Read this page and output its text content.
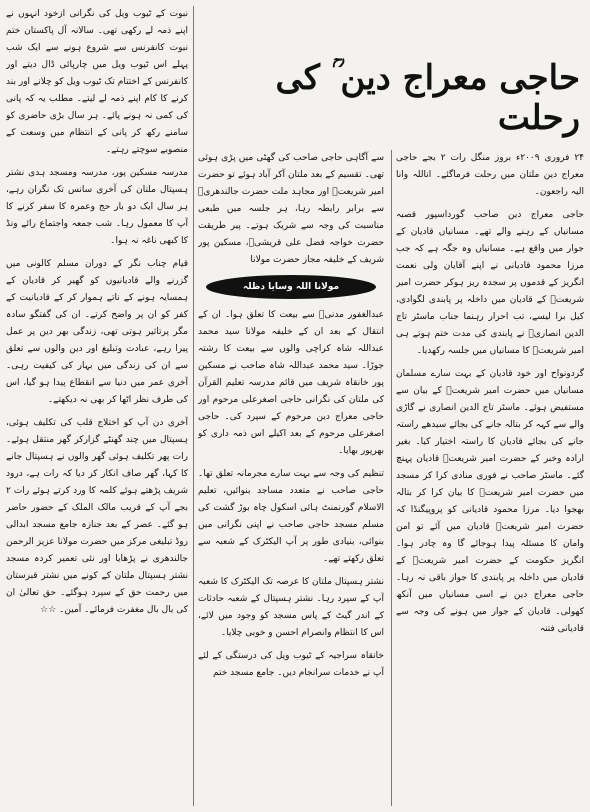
حاجی معراج دین ؒ کی رحلت

۲۴ فروری ۲۰۰۹ء بروز منگل رات ۲ بجے حاجی معراج دین ملتان میں رحلت فرماگئے۔ اناللہ وانا الیہ راجعون۔

حاجی معراج دین صاحب گورداسپور قصبہ مسانیاں کے رہنے والے تھے۔ مسانیاں قادیان کے جوار میں واقع ہے۔ مسانیاں وہ جگہ ہے کہ جب مرزا محمود قادیانی نے اپنے آقایان ولی نعمت انگریز کے قدموں پر سجدہ ریز ہوکر حضرت امیر شریعتؒ کے قادیان میں داخلہ پر پابندی لگوادی، کیل برا لیسے، تب احرار رہنما جناب ماسٹر تاج الدین انصاریؒ نے پابندی کی مدت ختم ہوتے ہی امیر شریعتؒ کا مسانیاں میں جلسہ رکھدیا۔

گردونواح اور خود قادیان کے بہت سارے مسلمان مسانیاں میں حضرت امیر شریعتؒ کے بیان سے مستفیض ہوئے۔ ماسٹر تاج الدین انصاری نے گاڑی والے سے کہہ کر بتالہ جانے کی بجائے سیدھے راستہ جانے کی بجائے قادیان کا راستہ اختیار کیا۔ بغیر ارادہ وخبر کے حضرت امیر شریعتؒ قادیان پہنچ گئے۔ ماسٹر صاحب نے فوری منادی کرا کر مسجد میں حضرت امیر شریعتؒ کا بیان کرا کر بتالہ بھجوا دیا۔ مرزا محمود قادیانی کو پروپیگنڈا کہ حضرت امیر شریعتؒ قادیان میں آئے تو امن وامان کا مسئلہ پیدا ہوجائے گا وہ چادر ہوا۔ انگریز حکومت کے حضرت امیر شریعتؒ کے قادیان میں داخلہ پر پابندی کا جواز باقی نہ رہا۔ حاجی معراج دین نے اسی مسانیاں میں آنکھ کھولی۔ قادیان کے جوار میں ہونے کی وجہ سے قادیانی فتنہ

سے آگاہی حاجی صاحب کی گھٹی میں پڑی ہوئی تھی۔ تقسیم کے بعد ملتان آکر آباد ہوئے تو حضرت امیر شریعتؒ اور مجاہد ملت حضرت جالندھریؒ سے برابر رابطہ رہا، ہر جلسہ میں طبعی مناسبت کی وجہ سے شریک ہوتے۔ پیر طریقت حضرت خواجہ فضل علی قریشیؒ، مسکین پور شریف کے خلیفہ مجاز حضرت مولانا

مولانا اللہ وسایا دظلہ

عبدالغفور مدنیؒ سے بیعت کا تعلق ہوا۔ ان کے انتقال کے بعد ان کے خلیفہ مولانا سید محمد عبداللہ شاہ کراچی والوں سے بیعت کا رشتہ جوڑا۔ سید محمد عبداللہ شاہ صاحب نے مسکین پور خانقاہ شریف میں قائم مدرسہ تعلیم القرآن کی ملتان کی نگرانی حاجی اصغرعلی مرحوم اور حاجی معراج دین مرحوم کے سپرد کی۔ حاجی اصغرعلی مرحوم کے بعد اکیلے اس ذمہ داری کو بھرپور بھایا۔

تنظیم کی وجہ سے بہت سارے مجرمانہ تعلق تھا۔ حاجی صاحب نے متعدد مساجد بنوائیں، تعلیم الاسلام گورنمنٹ ہائی اسکول چاہ بوڑ گشت کی مسلم مسجد حاجی صاحب نے اپنی نگرانی میں بنوائی، بنیادی طور پر آپ الیکٹرک کے شعبہ سے تعلق رکھتے تھے۔

نشتر ہسپتال ملتان کا عرصہ تک الیکٹرک کا شعبہ آپ کے سپرد رہا۔ نشتر ہسپتال کے شعبہ حادثات کے اندر گیٹ کے پاس مسجد کو وجود میں لائے، اس کا انتظام وانصرام احسن و خوبی چلایا۔

خانقاہ سراجیہ کے ٹیوب ویل کی درستگی کے لئے آپ نے خدمات سرانجام دیں۔ جامع مسجد ختم

نبوت کے ٹیوب ویل کی نگرانی ازخود انہوں نے اپنے ذمہ لے رکھی تھی۔ سالانہ آل پاکستان ختم نبوت کانفرنس سے شروع ہونے سے ایک شب پہلے اس ٹیوب ویل میں چارپائی ڈال دیتے اور کانفرنس کے اختتام تک ٹیوب ویل کو چلانے اور بند کرنے کا کام اپنے ذمہ لے لیتے۔ مطلب یہ کہ پانی کی کمی نہ ہونے پائے۔ ہر سال بڑی حاضری کو سامنے رکھ کر پانی کے انتظام میں وسعت کے منصوبے سوچتے رہتے۔

مدرسہ مسکین پور، مدرسہ ومسجد ہدی نشتر ہسپتال ملتان کی آخری سانس تک نگران رہے، ہر سال ایک دو بار حج وعمرہ کا سفر کرنے کا آپ کا معمول رہا۔ شب جمعہ واجتماع رائے ونڈ کا کبھی ناغہ نہ ہوا۔

قیام چناب نگر کے دوران مسلم کالونی میں گزرنے والے قادیانیوں کو گھیر کر قادیان کے ہمسایہ ہونے کے ناتے ہموار کر کے قادیانیت کے کفر کو ان پر واضح کرتے۔ ان کی گفتگو سادہ مگر پرتاثیر ہوتی تھی، زندگی بھر دین پر عمل پیرا رہے، عبادت وتبلیغ اور دین والوں سے تعلق سے ان کی زندگی میں بہار کی کیفیت رہی۔ آخری عمر میں دنیا سے انقطاع پیدا ہو گیا، اس کی طرف نظر اٹھا کر بھی نہ دیکھتے۔

آخری دن آپ کو اختلاج قلب کی تکلیف ہوئی، ہسپتال میں چند گھنٹے گزارکر گھر منتقل ہوئے۔ رات پھر تکلیف ہوئی گھر والوں نے ہسپتال جانے کا کہا، گھر صاف انکار کر دیا کہ رات ہے، درود شریف پڑھتے ہوئے کلمہ کا ورد کرتے ہوئے رات ۲ بجے آپ کے قریب مالک الملک کے حضور حاضر ہو گئے۔ عصر کے بعد جنازہ جامع مسجد ابدالی روڈ تبلیغی مرکز میں حضرت مولانا عزیز الرحمن جالندھری نے پڑھایا اور نئی تعمیر کردہ مسجد نشتر ہسپتال ملتان کے کونے میں نشتر قبرستان میں رحمت حق کے سپرد ہوگئے۔ حق تعالیٰ ان کی بال بال مغفرت فرمائے۔ آمین۔ ☆☆
